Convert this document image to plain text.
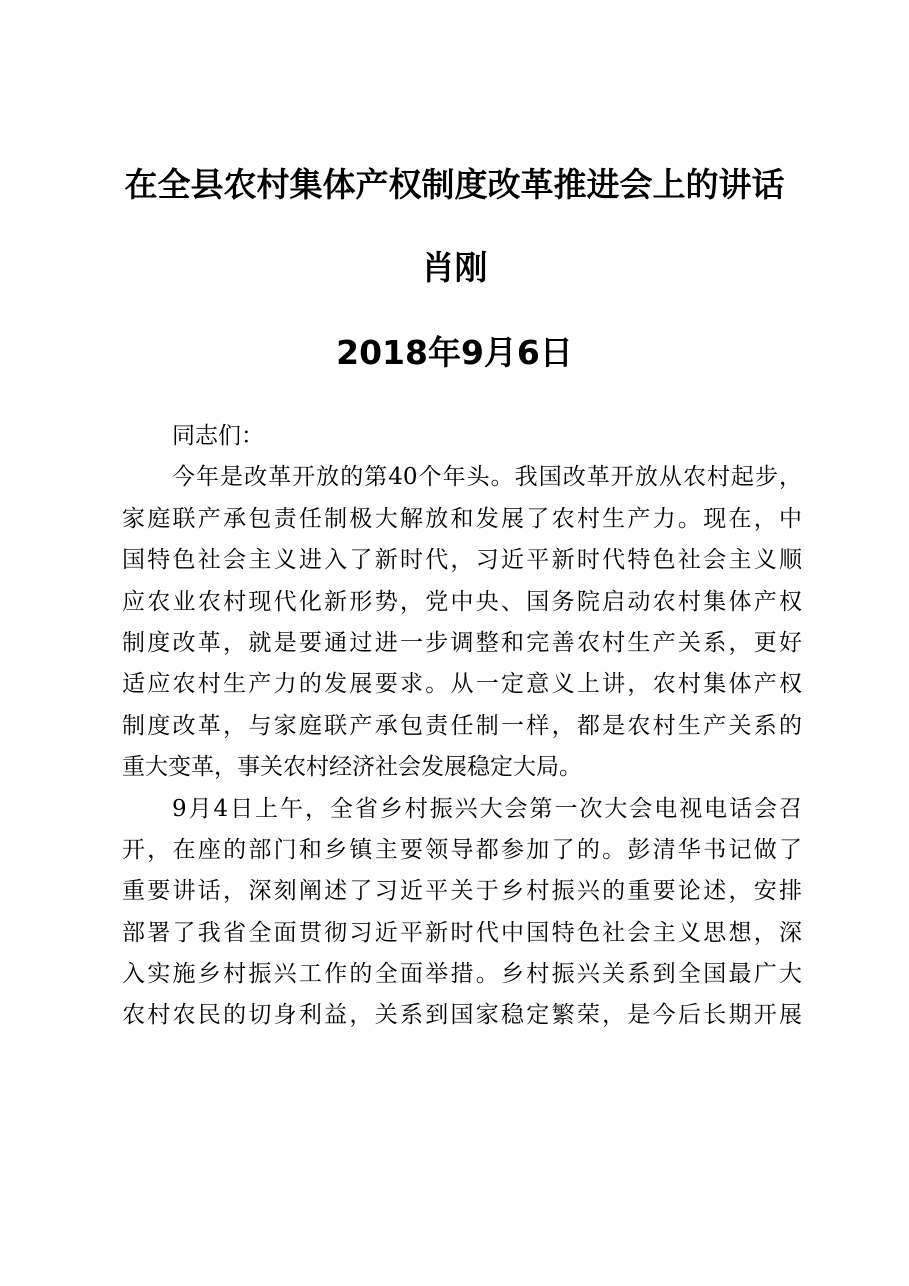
在全县农村集体产权制度改革推进会上的讲话
肖刚
2018年9月6日
同志们：
今年是改革开放的第40个年头。我国改革开放从农村起步，
家庭联产承包责任制极大解放和发展了农村生产力。现在，中
国特色社会主义进入了新时代，习近平新时代特色社会主义顺
应农业农村现代化新形势，党中央、国务院启动农村集体产权
制度改革，就是要通过进一步调整和完善农村生产关系，更好
适应农村生产力的发展要求。从一定意义上讲，农村集体产权
制度改革，与家庭联产承包责任制一样，都是农村生产关系的
重大变革，事关农村经济社会发展稳定大局。
9月4日上午，全省乡村振兴大会第一次大会电视电话会召
开，在座的部门和乡镇主要领导都参加了的。彭清华书记做了
重要讲话，深刻阐述了习近平关于乡村振兴的重要论述，安排
部署了我省全面贯彻习近平新时代中国特色社会主义思想，深
入实施乡村振兴工作的全面举措。乡村振兴关系到全国最广大
农村农民的切身利益，关系到国家稳定繁荣，是今后长期开展
